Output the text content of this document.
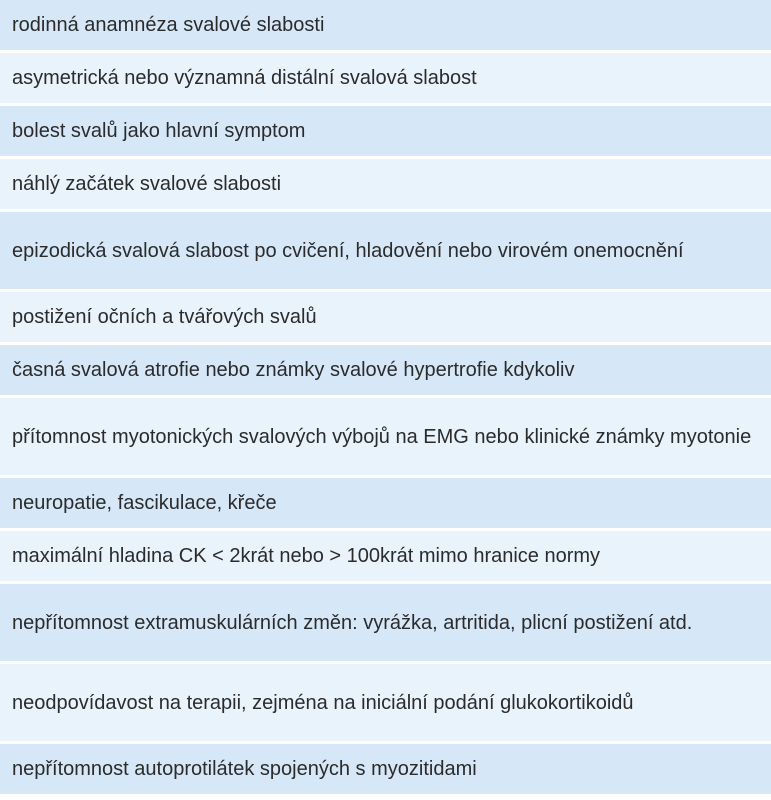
rodinná anamnéza svalové slabosti
asymetrická nebo významná distální svalová slabost
bolest svalů jako hlavní symptom
náhlý začátek svalové slabosti
epizodická svalová slabost po cvičení, hladovění nebo virovém onemocnění
postižení očních a tvářových svalů
časná svalová atrofie nebo známky svalové hypertrofie kdykoliv
přítomnost myotonických svalových výbojů na EMG nebo klinické známky myotonie
neuropatie, fascikulace, křeče
maximální hladina CK < 2krát nebo > 100krát mimo hranice normy
nepřítomnost extramuskulárních změn: vyrážka, artritida, plicní postižení atd.
neodpovídavost na terapii, zejména na iniciální podání glukokortikoidů
nepřítomnost autoprotilátek spojených s myozitidami
